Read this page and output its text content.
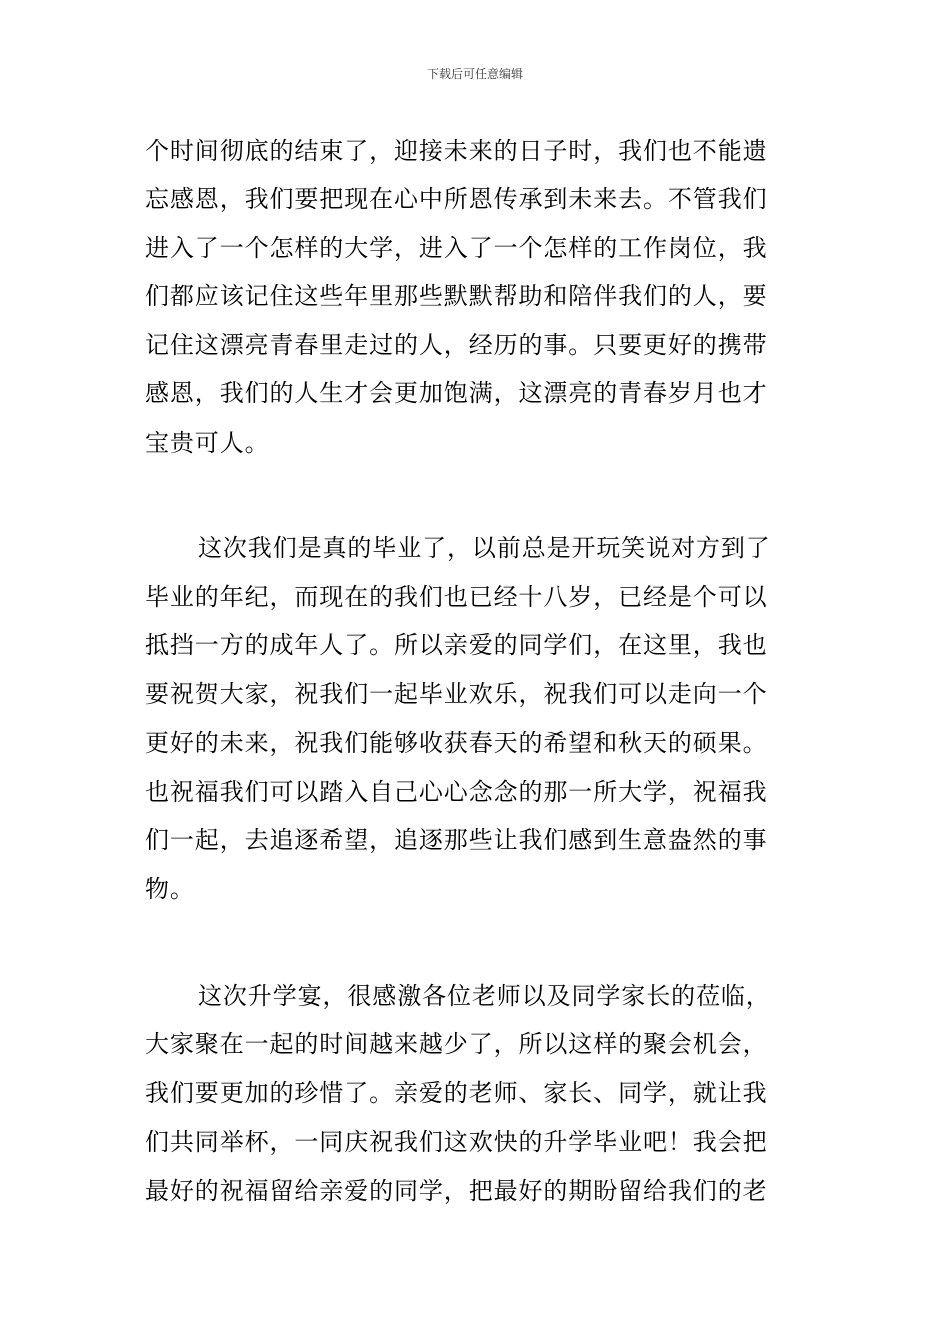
下载后可任意编辑
个时间彻底的结束了，迎接未来的日子时，我们也不能遗
忘感恩，我们要把现在心中所恩传承到未来去。不管我们
进入了一个怎样的大学，进入了一个怎样的工作岗位，我
们都应该记住这些年里那些默默帮助和陪伴我们的人，要
记住这漂亮青春里走过的人，经历的事。只要更好的携带
感恩，我们的人生才会更加饱满，这漂亮的青春岁月也才
宝贵可人。
这次我们是真的毕业了，以前总是开玩笑说对方到了
毕业的年纪，而现在的我们也已经十八岁，已经是个可以
抵挡一方的成年人了。所以亲爱的同学们，在这里，我也
要祝贺大家，祝我们一起毕业欢乐，祝我们可以走向一个
更好的未来，祝我们能够收获春天的希望和秋天的硕果。
也祝福我们可以踏入自己心心念念的那一所大学，祝福我
们一起，去追逐希望，追逐那些让我们感到生意盎然的事
物。
这次升学宴，很感激各位老师以及同学家长的莅临，
大家聚在一起的时间越来越少了，所以这样的聚会机会，
我们要更加的珍惜了。亲爱的老师、家长、同学，就让我
们共同举杯，一同庆祝我们这欢快的升学毕业吧！我会把
最好的祝福留给亲爱的同学，把最好的期盼留给我们的老
